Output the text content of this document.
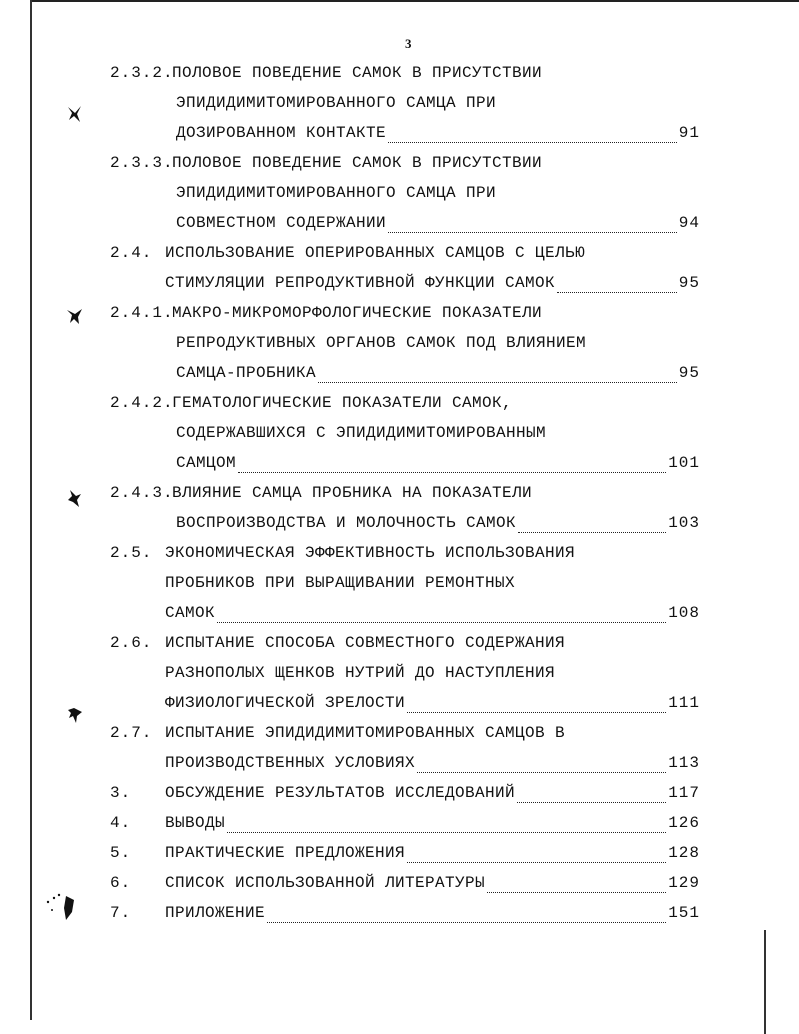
3
2.3.2.
ПОЛОВОЕ ПОВЕДЕНИЕ САМОК В ПРИСУТСТВИИ
ЭПИДИДИМИТОМИРОВАННОГО САМЦА ПРИ
ДОЗИРОВАННОМ КОНТАКТЕ	91
2.3.3.
ПОЛОВОЕ ПОВЕДЕНИЕ САМОК В ПРИСУТСТВИИ
ЭПИДИДИМИТОМИРОВАННОГО САМЦА ПРИ
СОВМЕСТНОМ СОДЕРЖАНИИ	94
2.4. ИСПОЛЬЗОВАНИЕ ОПЕРИРОВАННЫХ САМЦОВ С ЦЕЛЬЮ
СТИМУЛЯЦИИ РЕПРОДУКТИВНОЙ ФУНКЦИИ САМОК	95
2.4.1.
МАКРО-МИКРОМОРФОЛОГИЧЕСКИЕ ПОКАЗАТЕЛИ
РЕПРОДУКТИВНЫХ ОРГАНОВ САМОК ПОД ВЛИЯНИЕМ
САМЦА-ПРОБНИКА	95
2.4.2.
ГЕМАТОЛОГИЧЕСКИЕ ПОКАЗАТЕЛИ САМОК,
СОДЕРЖАВШИХСЯ С ЭПИДИДИМИТОМИРОВАННЫМ
САМЦОМ	101
2.4.3.
ВЛИЯНИЕ САМЦА ПРОБНИКА НА ПОКАЗАТЕЛИ
ВОСПРОИЗВОДСТВА И МОЛОЧНОСТЬ САМОК	103
2.5. ЭКОНОМИЧЕСКАЯ ЭФФЕКТИВНОСТЬ ИСПОЛЬЗОВАНИЯ
ПРОБНИКОВ ПРИ ВЫРАЩИВАНИИ РЕМОНТНЫХ
САМОК	108
2.6. ИСПЫТАНИЕ СПОСОБА СОВМЕСТНОГО СОДЕРЖАНИЯ
РАЗНОПОЛЫХ ЩЕНКОВ НУТРИЙ ДО НАСТУПЛЕНИЯ
ФИЗИОЛОГИЧЕСКОЙ ЗРЕЛОСТИ	111
2.7. ИСПЫТАНИЕ ЭПИДИДИМИТОМИРОВАННЫХ САМЦОВ В
ПРОИЗВОДСТВЕННЫХ УСЛОВИЯХ	113
3.	ОБСУЖДЕНИЕ РЕЗУЛЬТАТОВ ИССЛЕДОВАНИЙ	117
4.	ВЫВОДЫ	126
5.	ПРАКТИЧЕСКИЕ ПРЕДЛОЖЕНИЯ	128
6.	СПИСОК ИСПОЛЬЗОВАННОЙ ЛИТЕРАТУРЫ	129
7.	ПРИЛОЖЕНИЕ	151
